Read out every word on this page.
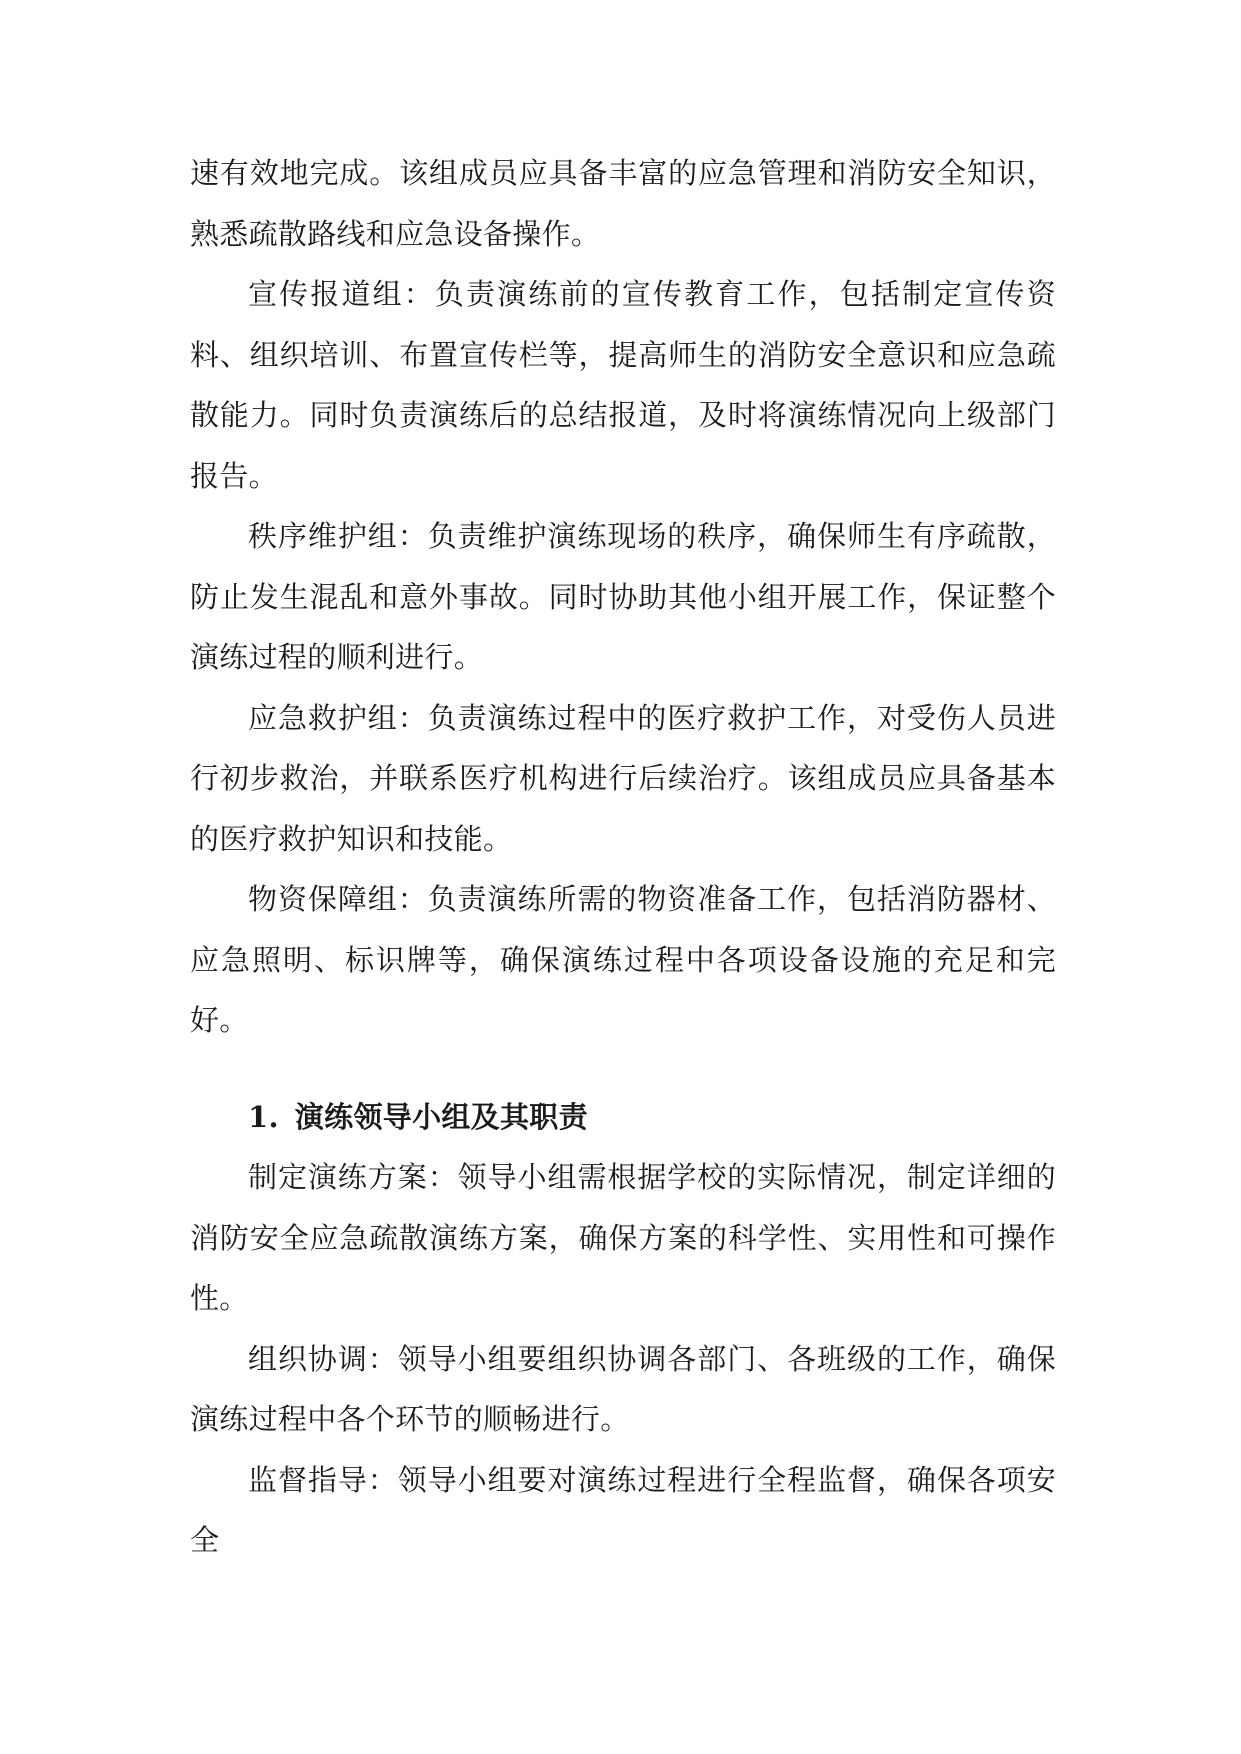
速有效地完成。该组成员应具备丰富的应急管理和消防安全知识，熟悉疏散路线和应急设备操作。

宣传报道组：负责演练前的宣传教育工作，包括制定宣传资料、组织培训、布置宣传栏等，提高师生的消防安全意识和应急疏散能力。同时负责演练后的总结报道，及时将演练情况向上级部门报告。

秩序维护组：负责维护演练现场的秩序，确保师生有序疏散，防止发生混乱和意外事故。同时协助其他小组开展工作，保证整个演练过程的顺利进行。

应急救护组：负责演练过程中的医疗救护工作，对受伤人员进行初步救治，并联系医疗机构进行后续治疗。该组成员应具备基本的医疗救护知识和技能。

物资保障组：负责演练所需的物资准备工作，包括消防器材、应急照明、标识牌等，确保演练过程中各项设备设施的充足和完好。

1. 演练领导小组及其职责

制定演练方案：领导小组需根据学校的实际情况，制定详细的消防安全应急疏散演练方案，确保方案的科学性、实用性和可操作性。

组织协调：领导小组要组织协调各部门、各班级的工作，确保演练过程中各个环节的顺畅进行。

监督指导：领导小组要对演练过程进行全程监督，确保各项安全
